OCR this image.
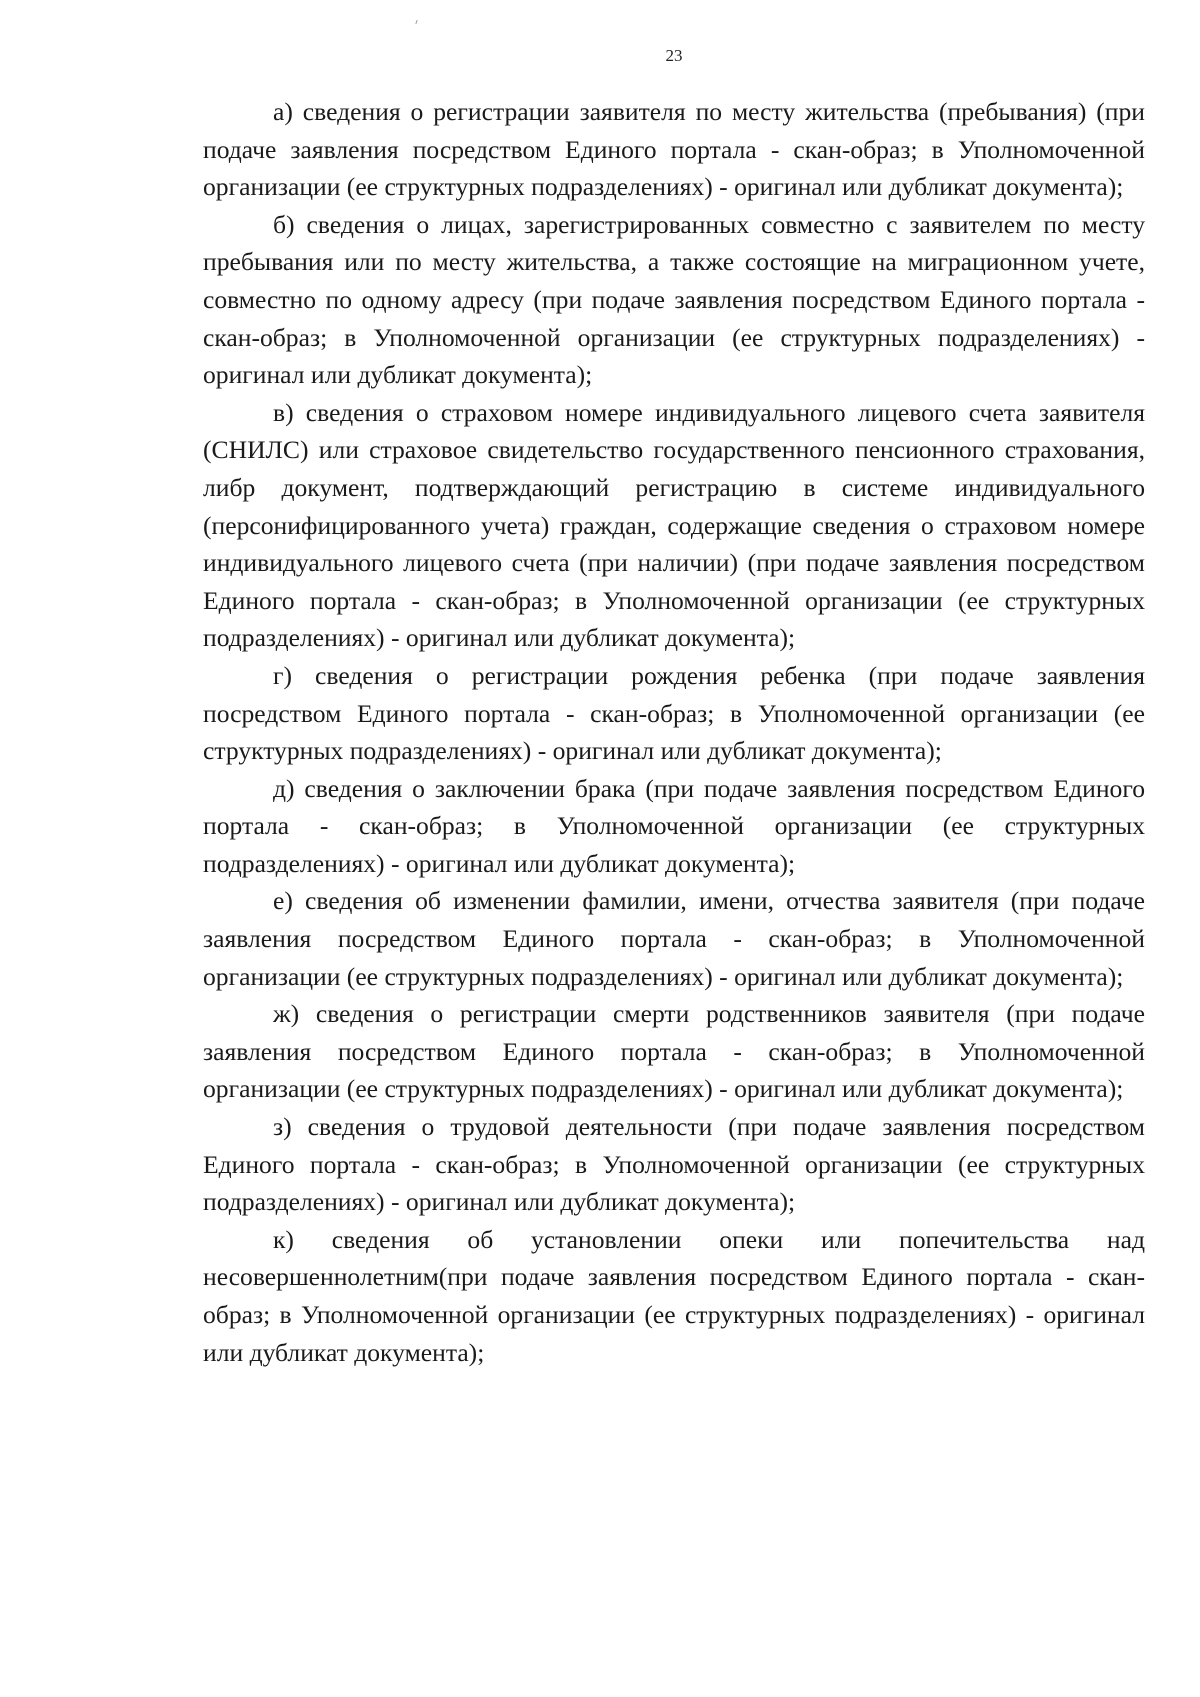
23

а) сведения о регистрации заявителя по месту жительства (пребывания) (при подаче заявления посредством Единого портала - скан-образ; в Уполномоченной организации (ее структурных подразделениях) - оригинал или дубликат документа);

б) сведения о лицах, зарегистрированных совместно с заявителем по месту пребывания или по месту жительства, а также состоящие на миграционном учете, совместно по одному адресу (при подаче заявления посредством Единого портала - скан-образ; в Уполномоченной организации (ее структурных подразделениях) - оригинал или дубликат документа);

в) сведения о страховом номере индивидуального лицевого счета заявителя (СНИЛС) или страховое свидетельство государственного пенсионного страхования, либр документ, подтверждающий регистрацию в системе индивидуального (персонифицированного учета) граждан, содержащие сведения о страховом номере индивидуального лицевого счета (при наличии) (при подаче заявления посредством Единого портала - скан-образ; в Уполномоченной организации (ее структурных подразделениях) - оригинал или дубликат документа);

г) сведения о регистрации рождения ребенка (при подаче заявления посредством Единого портала - скан-образ; в Уполномоченной организации (ее структурных подразделениях) - оригинал или дубликат документа);

д) сведения о заключении брака (при подаче заявления посредством Единого портала - скан-образ; в Уполномоченной организации (ее структурных подразделениях) - оригинал или дубликат документа);

е) сведения об изменении фамилии, имени, отчества заявителя (при подаче заявления посредством Единого портала - скан-образ; в Уполномоченной организации (ее структурных подразделениях) - оригинал или дубликат документа);

ж) сведения о регистрации смерти родственников заявителя (при подаче заявления посредством Единого портала - скан-образ; в Уполномоченной организации (ее структурных подразделениях) - оригинал или дубликат документа);

з) сведения о трудовой деятельности (при подаче заявления посредством Единого портала - скан-образ; в Уполномоченной организации (ее структурных подразделениях) - оригинал или дубликат документа);

к) сведения об установлении опеки или попечительства над несовершеннолетним(при подаче заявления посредством Единого портала - скан-образ; в Уполномоченной организации (ее структурных подразделениях) - оригинал или дубликат документа);
